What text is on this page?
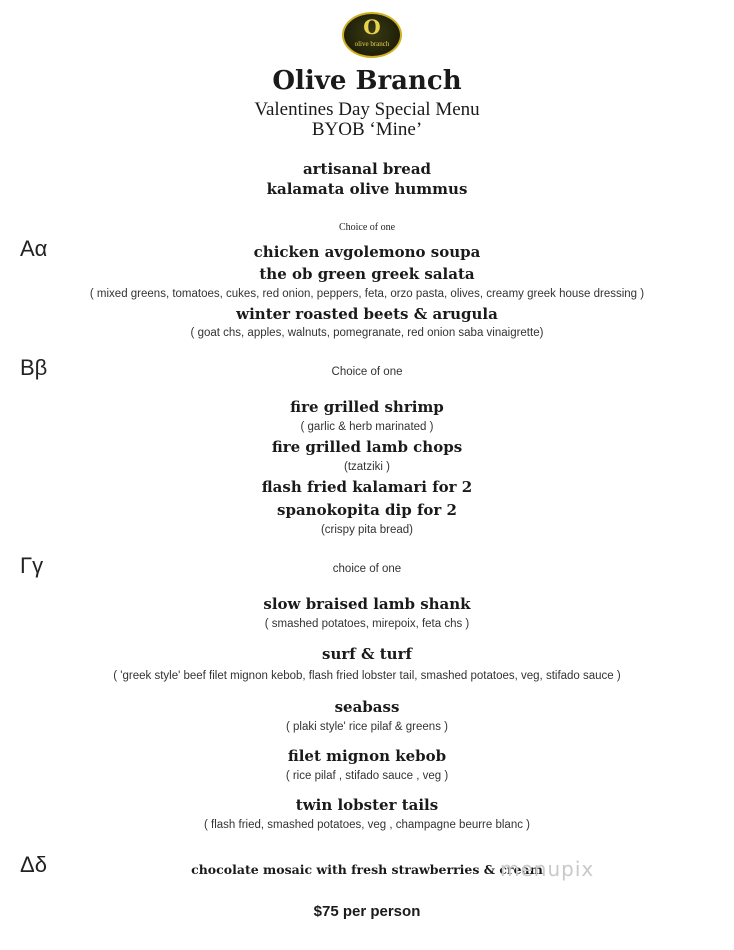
O
olive branch
Olive Branch
Valentines Day Special Menu
BYOB ‘Mine’
artisanal bread
kalamata olive hummus
Choice of one
Αα	chicken avgolemono soupa
the ob green greek salata
( mixed greens, tomatoes, cukes, red onion, peppers, feta, orzo pasta, olives, creamy greek house dressing )
winter roasted beets & arugula
( goat chs, apples, walnuts, pomegranate, red onion saba vinaigrette)
Ββ	Choice of one
fire grilled shrimp
( garlic & herb marinated )
fire grilled lamb chops
(tzatziki )
flash fried kalamari for 2
spanokopita dip for 2
(crispy pita bread)
Γγ	choice of one
slow braised lamb shank
( smashed potatoes, mirepoix, feta chs )
surf & turf
( 'greek style' beef filet mignon kebob, flash fried lobster tail, smashed potatoes, veg, stifado sauce )
seabass
( plaki style' rice pilaf & greens )
filet mignon kebob
( rice pilaf , stifado sauce , veg )
twin lobster tails
( flash fried, smashed potatoes, veg , champagne beurre blanc )
Δδ	chocolate mosaic with fresh strawberries & cream
menupix
$75 per person
